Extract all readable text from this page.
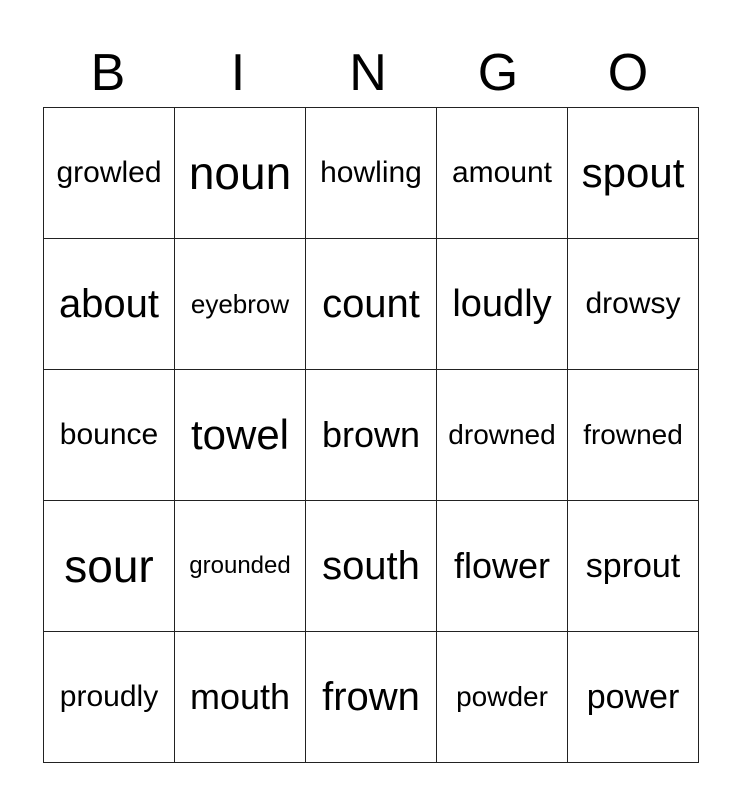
B	I	N	G	O
growled	noun	howling	amount	spout
about	eyebrow	count	loudly	drowsy
bounce	towel	brown	drowned	frowned
sour	grounded	south	flower	sprout
proudly	mouth	frown	powder	power
